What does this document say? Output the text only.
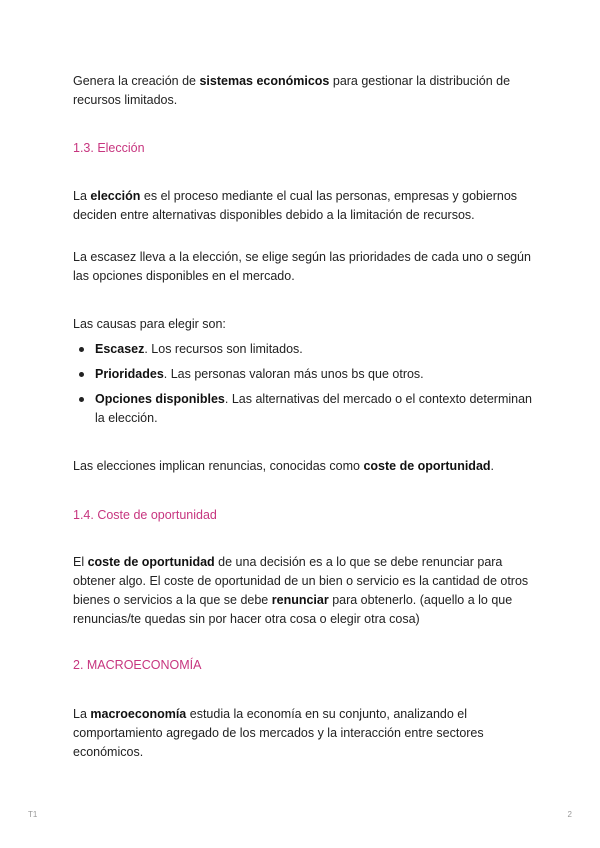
Genera la creación de sistemas económicos para gestionar la distribución de recursos limitados.

1.3. Elección

La elección es el proceso mediante el cual las personas, empresas y gobiernos deciden entre alternativas disponibles debido a la limitación de recursos.

La escasez lleva a la elección, se elige según las prioridades de cada uno o según las opciones disponibles en el mercado.

Las causas para elegir son:

Escasez. Los recursos son limitados.
Prioridades. Las personas valoran más unos bs que otros.
Opciones disponibles. Las alternativas del mercado o el contexto determinan la elección.

Las elecciones implican renuncias, conocidas como coste de oportunidad.

1.4. Coste de oportunidad

El coste de oportunidad de una decisión es a lo que se debe renunciar para obtener algo. El coste de oportunidad de un bien o servicio es la cantidad de otros bienes o servicios a la que se debe renunciar para obtenerlo. (aquello a lo que renuncias/te quedas sin por hacer otra cosa o elegir otra cosa)

2. MACROECONOMÍA

La macroeconomía estudia la economía en su conjunto, analizando el comportamiento agregado de los mercados y la interacción entre sectores económicos.

T1	2
